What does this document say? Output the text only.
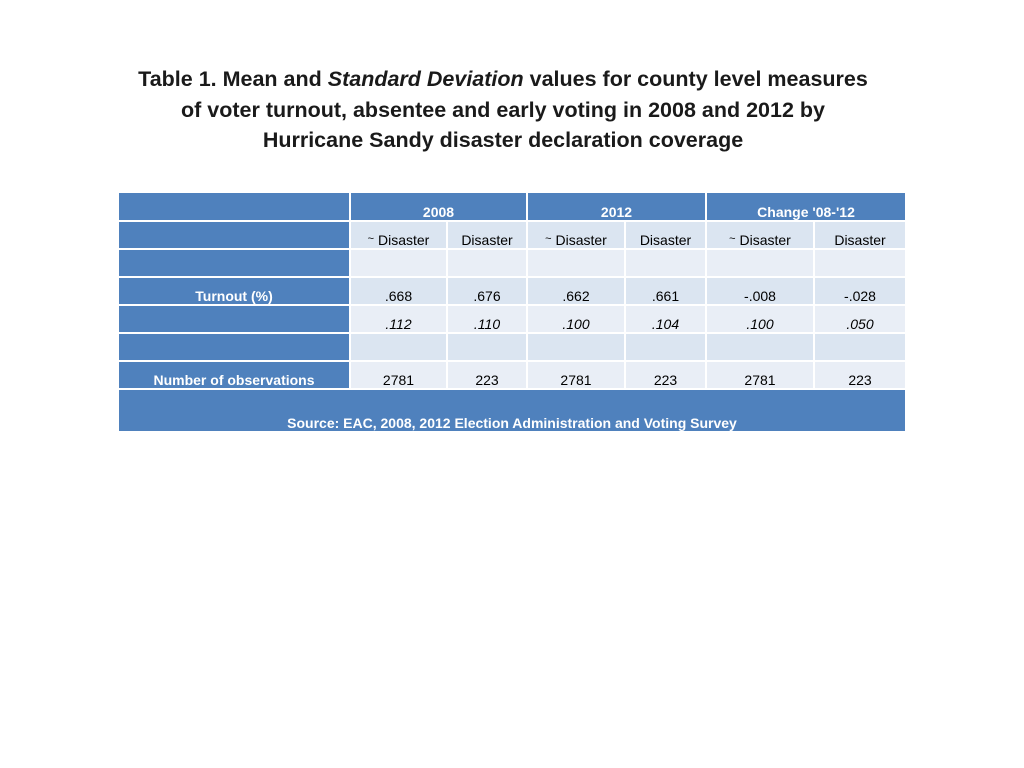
Table 1. Mean and Standard Deviation values for county level measures of voter turnout, absentee and early voting in 2008 and 2012 by Hurricane Sandy disaster declaration coverage
	2008		2012		Change '08-'12	
	~ Disaster	Disaster	~ Disaster	Disaster	~ Disaster	Disaster

Turnout (%)	.668	.676	.662	.661	-.008	-.028
	.112	.110	.100	.104	.100	.050

Number of observations	2781	223	2781	223	2781	223
Source: EAC, 2008, 2012 Election Administration and Voting Survey						
